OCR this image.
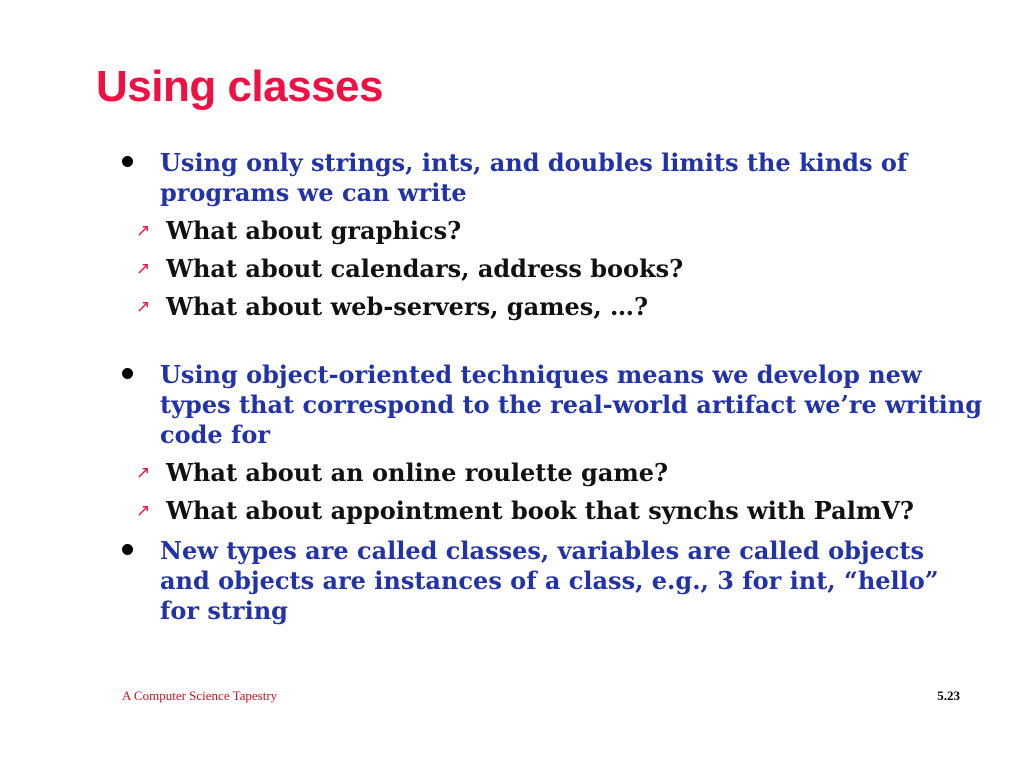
Using classes
Using only strings, ints, and doubles limits the kinds of programs we can write
↗ What about graphics?
↗ What about calendars, address books?
↗ What about web-servers, games, …?
Using object-oriented techniques means we develop new types that correspond to the real-world artifact we’re writing code for
↗ What about an online roulette game?
↗ What about appointment book that synchs with PalmV?
New types are called classes, variables are called objects and objects are instances of a class, e.g., 3 for int, “hello” for string
A Computer Science Tapestry	5.23
